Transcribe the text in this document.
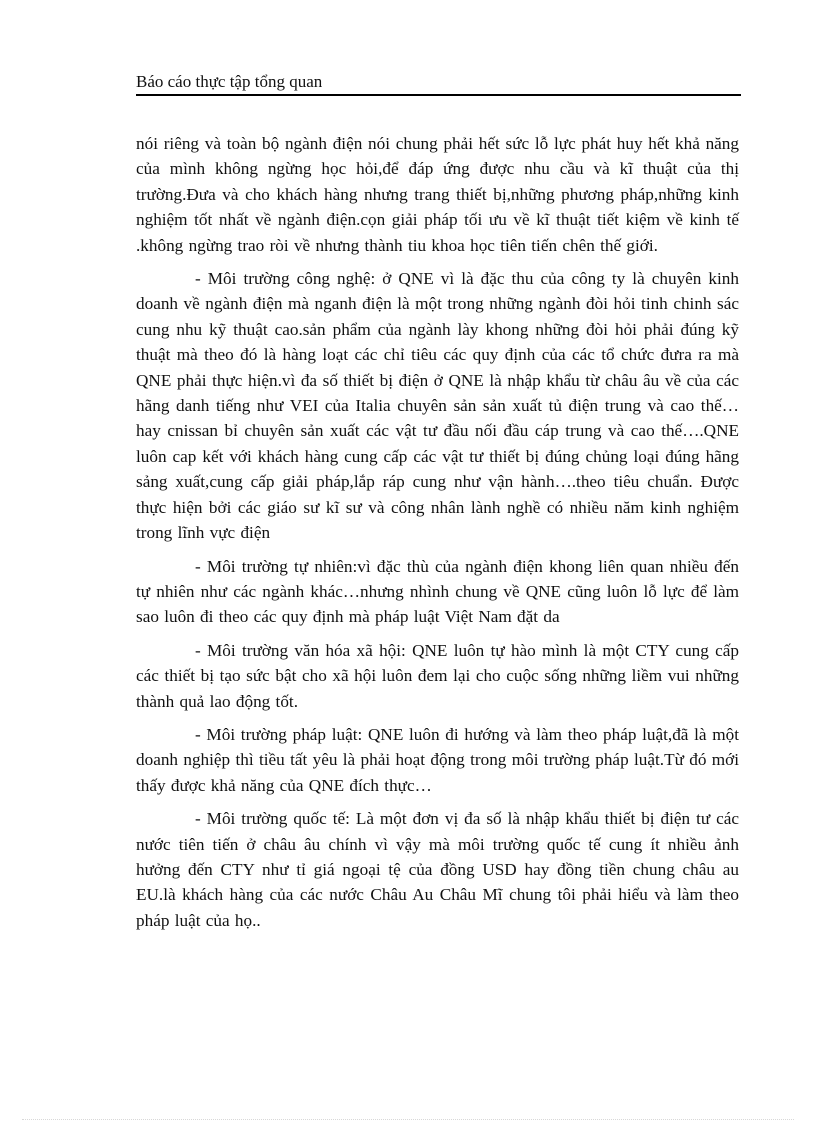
Báo cáo thực tập tổng quan

nói riêng và toàn bộ ngành điện nói chung phải hết sức lỗ lực phát huy hết khả năng của mình không ngừng học hỏi,để đáp ứng được nhu cầu và kĩ thuật của thị trường.Đưa và cho khách hàng nhưng trang thiết bị,những phương pháp,những kinh nghiệm tốt nhất về ngành điện.cọn giải pháp tối ưu về kĩ thuật tiết kiệm về kinh tế .không ngừng trao ròi về nhưng thành tiu khoa học tiên tiến chên thế giới.

- Môi trường công nghệ: ở QNE vì là đặc thu của công ty là chuyên kinh doanh về ngành điện mà nganh điện là một trong những ngành đòi hỏi tinh chinh sác cung nhu kỹ thuật cao.sản phẩm của ngành lày khong những đòi hỏi phải đúng kỹ thuật mà theo đó là hàng loạt các chỉ tiêu các quy định của các tổ chức đưra ra mà QNE phải thực hiện.vì đa số thiết bị điện ở QNE là nhập khẩu từ châu âu về của các hãng danh tiếng như VEI của Italia chuyên sản sản xuất tủ điện trung và cao thế…hay cnissan bỉ chuyên sản xuất các vật tư đầu nối đầu cáp trung và cao thế….QNE luôn cap kết với khách hàng cung cấp các vật tư thiết bị đúng chủng loại đúng hãng sảng xuất,cung cấp giải pháp,lắp ráp cung như vận hành….theo tiêu chuẩn. Được thực hiện bởi các giáo sư kĩ sư và công nhân lành nghề có nhiều năm kinh nghiệm trong lĩnh vực điện

- Môi trường tự nhiên:vì đặc thù của ngành điện khong liên quan nhiều đến tự nhiên như các ngành khác…nhưng nhình chung về QNE cũng luôn lỗ lực để làm sao luôn đi theo các quy định mà pháp luật Việt Nam đặt da

- Môi trường văn hóa xã hội: QNE luôn tự hào mình là một CTY cung cấp các thiết bị tạo sức bật cho xã hội luôn đem lại cho cuộc sống những liềm vui những thành quả lao động tốt.

- Môi trường pháp luật: QNE luôn đi hướng và làm theo pháp luật,đã là một doanh nghiệp thì tiều tất yêu là phải hoạt động trong môi trường pháp luật.Từ đó mới thấy được khả năng của QNE đích thực…

- Môi trường quốc tế: Là một đơn vị đa số là nhập khẩu thiết bị điện tư các nước tiên tiến ở châu âu chính vì vậy mà môi trường quốc tế cung ít nhiều ảnh hưởng đến CTY như tỉ giá ngoại tệ của đồng USD hay đồng tiền chung châu au EU.là khách hàng của các nước Châu Au Châu Mĩ chung tôi phải hiểu và làm theo pháp luật của họ..
